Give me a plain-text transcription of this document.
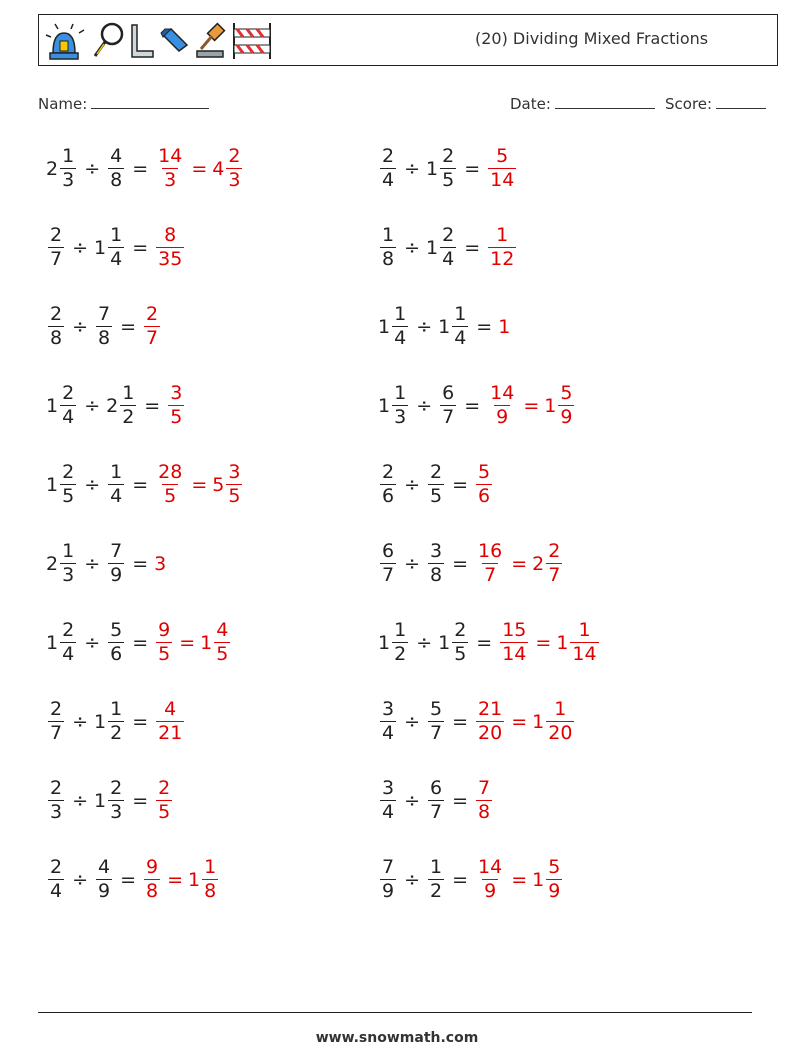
(20) Dividing Mixed Fractions
Name:	Date:	Score:
$2 \frac{1}{3} \div \frac{4}{8} = \frac{14}{3} = 4 \frac{2}{3}$	$\frac{2}{4} \div 1 \frac{2}{5} = \frac{5}{14}$
$\frac{2}{7} \div 1 \frac{1}{4} = \frac{8}{35}$	$\frac{1}{8} \div 1 \frac{2}{4} = \frac{1}{12}$
$\frac{2}{8} \div \frac{7}{8} = \frac{2}{7}$	$1 \frac{1}{4} \div 1 \frac{1}{4} = 1$
$1 \frac{2}{4} \div 2 \frac{1}{2} = \frac{3}{5}$	$1 \frac{1}{3} \div \frac{6}{7} = \frac{14}{9} = 1 \frac{5}{9}$
$1 \frac{2}{5} \div \frac{1}{4} = \frac{28}{5} = 5 \frac{3}{5}$	$\frac{2}{6} \div \frac{2}{5} = \frac{5}{6}$
$2 \frac{1}{3} \div \frac{7}{9} = 3$	$\frac{6}{7} \div \frac{3}{8} = \frac{16}{7} = 2 \frac{2}{7}$
$1 \frac{2}{4} \div \frac{5}{6} = \frac{9}{5} = 1 \frac{4}{5}$	$1 \frac{1}{2} \div 1 \frac{2}{5} = \frac{15}{14} = 1 \frac{1}{14}$
$\frac{2}{7} \div 1 \frac{1}{2} = \frac{4}{21}$	$\frac{3}{4} \div \frac{5}{7} = \frac{21}{20} = 1 \frac{1}{20}$
$\frac{2}{3} \div 1 \frac{2}{3} = \frac{2}{5}$	$\frac{3}{4} \div \frac{6}{7} = \frac{7}{8}$
$\frac{2}{4} \div \frac{4}{9} = \frac{9}{8} = 1 \frac{1}{8}$	$\frac{7}{9} \div \frac{1}{2} = \frac{14}{9} = 1 \frac{5}{9}$
www.snowmath.com
